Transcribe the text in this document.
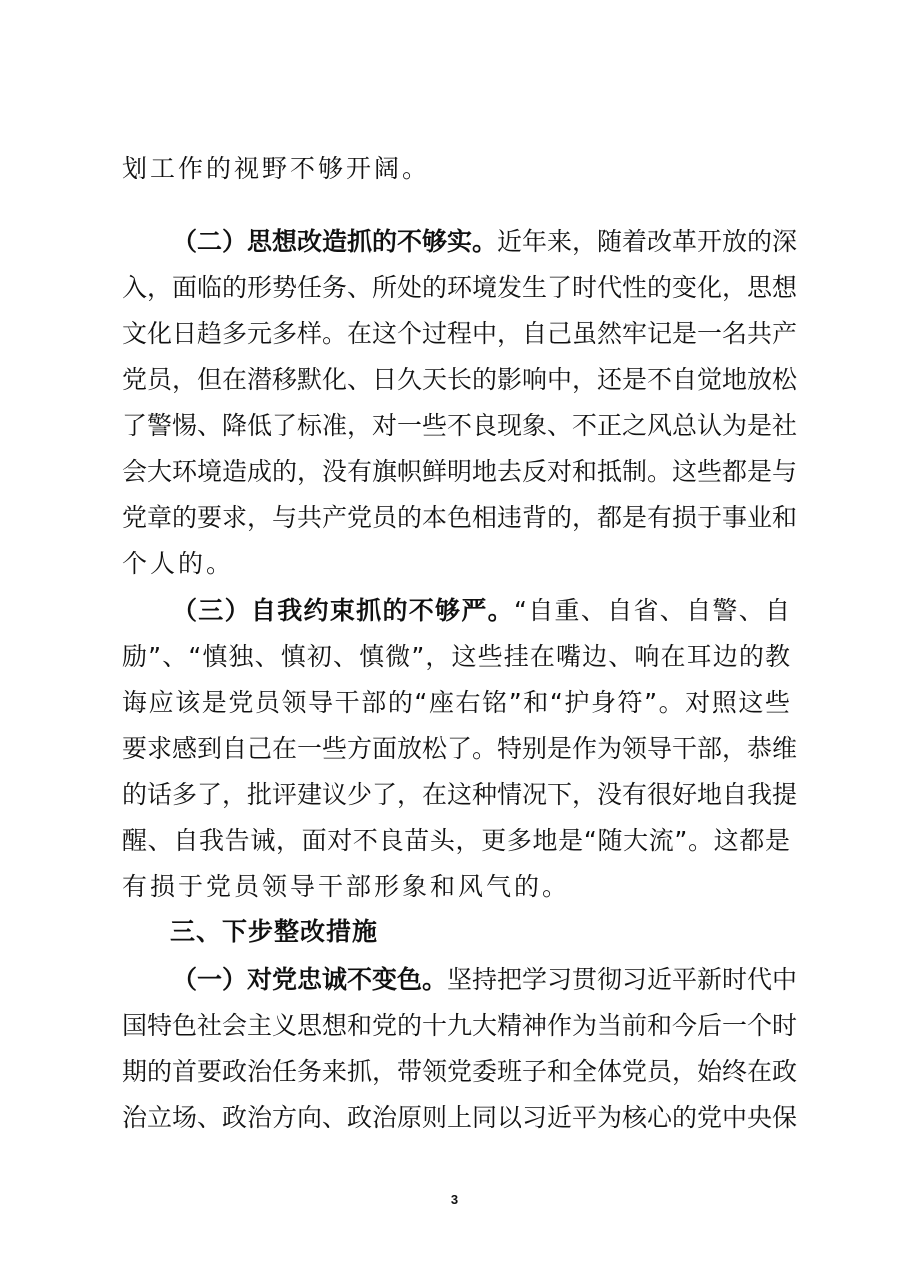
划工作的视野不够开阔。
（二）思想改造抓的不够实。近年来，随着改革开放的深
入，面临的形势任务、所处的环境发生了时代性的变化，思想
文化日趋多元多样。在这个过程中，自己虽然牢记是一名共产
党员，但在潜移默化、日久天长的影响中，还是不自觉地放松
了警惕、降低了标准，对一些不良现象、不正之风总认为是社
会大环境造成的，没有旗帜鲜明地去反对和抵制。这些都是与
党章的要求，与共产党员的本色相违背的，都是有损于事业和
个人的。
（三）自我约束抓的不够严。“自重、自省、自警、自
励”、“慎独、慎初、慎微”，这些挂在嘴边、响在耳边的教
诲应该是党员领导干部的“座右铭”和“护身符”。对照这些
要求感到自己在一些方面放松了。特别是作为领导干部，恭维
的话多了，批评建议少了，在这种情况下，没有很好地自我提
醒、自我告诫，面对不良苗头，更多地是“随大流”。这都是
有损于党员领导干部形象和风气的。
三、下步整改措施
（一）对党忠诚不变色。坚持把学习贯彻习近平新时代中
国特色社会主义思想和党的十九大精神作为当前和今后一个时
期的首要政治任务来抓，带领党委班子和全体党员，始终在政
治立场、政治方向、政治原则上同以习近平为核心的党中央保
3
